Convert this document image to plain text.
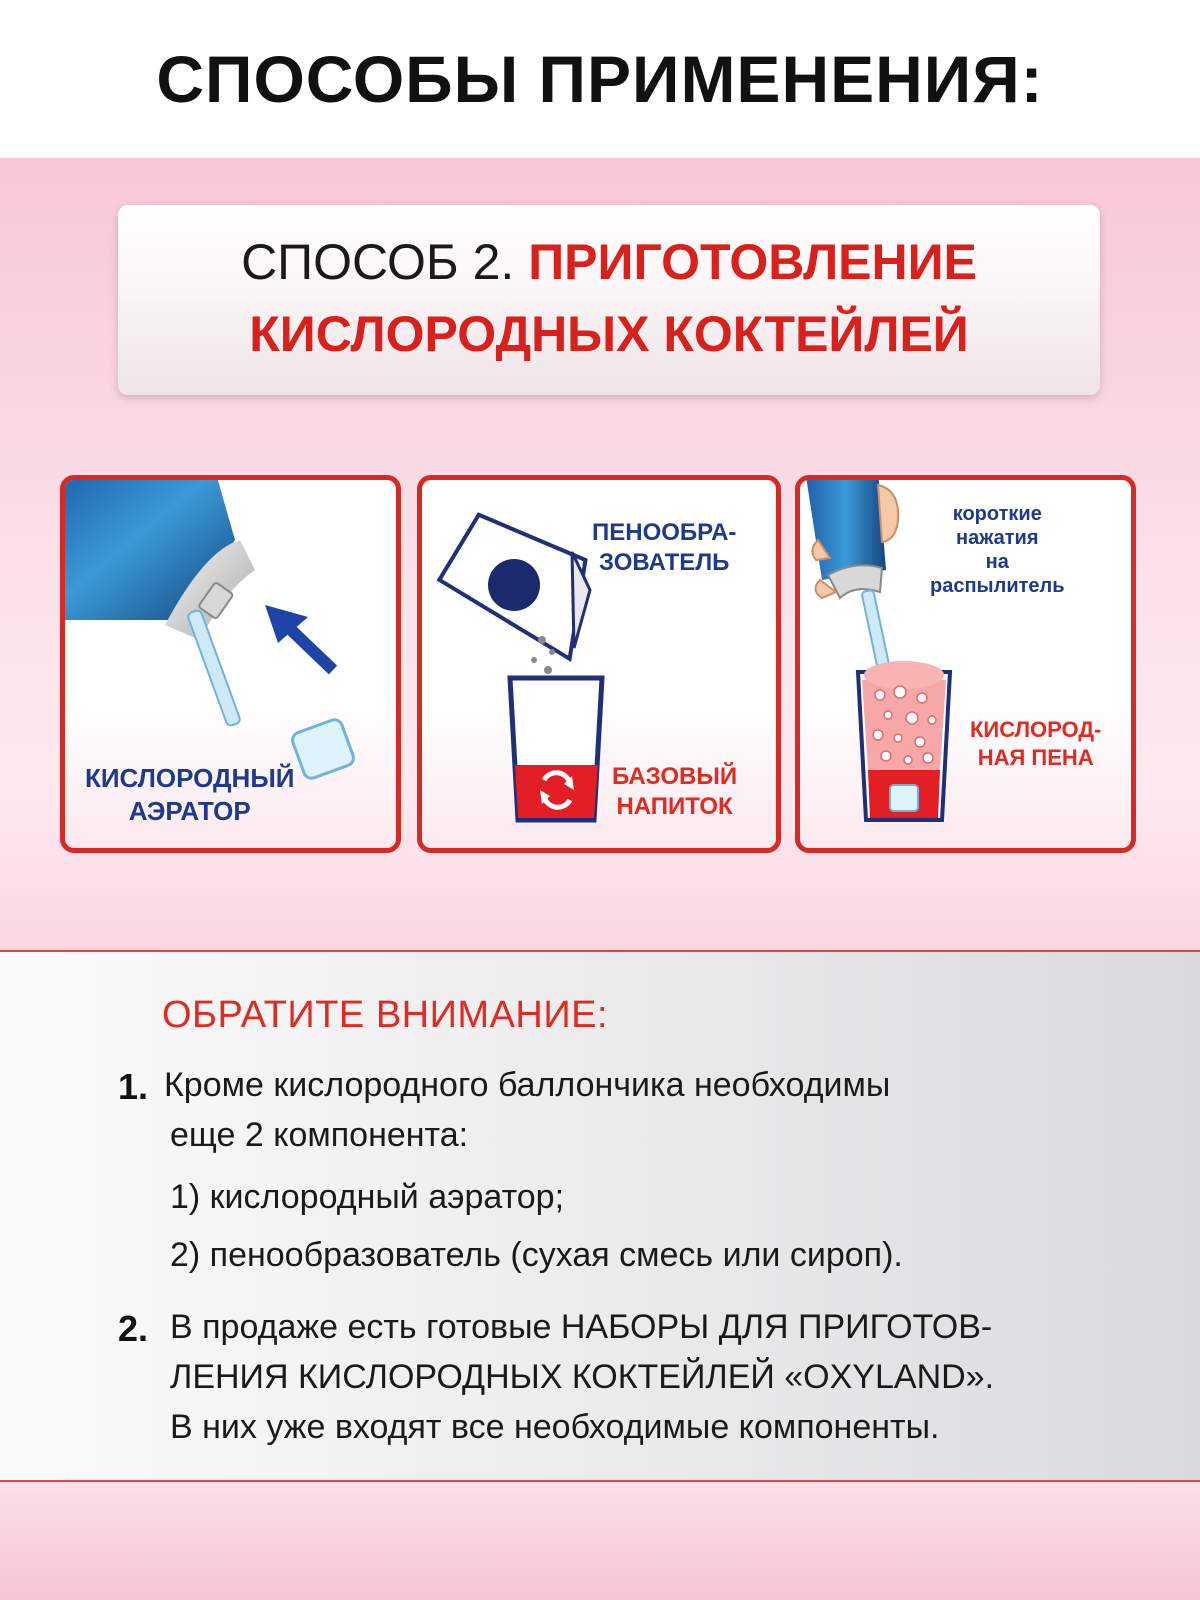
СПОСОБЫ ПРИМЕНЕНИЯ:
СПОСОБ 2. ПРИГОТОВЛЕНИЕ
КИСЛОРОДНЫХ КОКТЕЙЛЕЙ
КИСЛОРОДНЫЙ
АЭРАТОР
ПЕНООБРА-
ЗОВАТЕЛЬ
БАЗОВЫЙ
НАПИТОК
короткие
нажатия
на
распылитель
КИСЛОРОД-
НАЯ ПЕНА
ОБРАТИТЕ ВНИМАНИЕ:
1. Кроме кислородного баллончика необходимы
еще 2 компонента:
1) кислородный аэратор;
2) пенообразователь (сухая смесь или сироп).
2. В продаже есть готовые НАБОРЫ ДЛЯ ПРИГОТОВ-
ЛЕНИЯ КИСЛОРОДНЫХ КОКТЕЙЛЕЙ «OXYLAND».
В них уже входят все необходимые компоненты.
